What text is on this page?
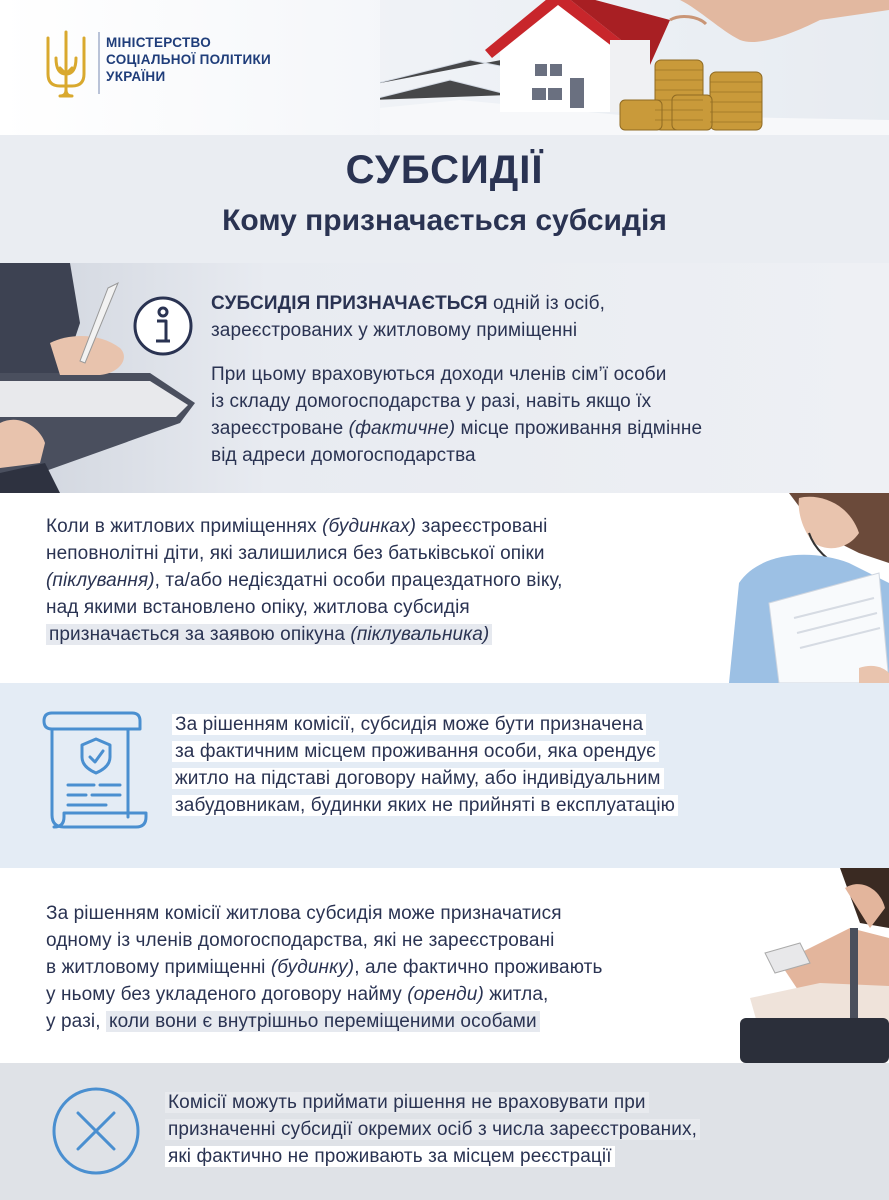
МІНІСТЕРСТВО
СОЦІАЛЬНОЇ ПОЛІТИКИ
УКРАЇНИ
СУБСИДІЇ
Кому призначається субсидія

СУБСИДІЯ ПРИЗНАЧАЄТЬСЯ одній із осіб,
зареєстрованих у житловому приміщенні

При цьому враховуються доходи членів сім’ї особи
із складу домогосподарства у разі, навіть якщо їх
зареєстроване (фактичне) місце проживання відмінне
від адреси домогосподарства

Коли в житлових приміщеннях (будинках) зареєстровані
неповнолітні діти, які залишилися без батьківської опіки
(піклування), та/або недієздатні особи працездатного віку,
над якими встановлено опіку, житлова субсидія
призначається за заявою опікуна (піклувальника)

За рішенням комісії, субсидія може бути призначена
за фактичним місцем проживання особи, яка орендує
житло на підставі договору найму, або індивідуальним
забудовникам, будинки яких не прийняті в експлуатацію

За рішенням комісії житлова субсидія може призначатися
одному із членів домогосподарства, які не зареєстровані
в житловому приміщенні (будинку), але фактично проживають
у ньому без укладеного договору найму (оренди) житла,
у разі, коли вони є внутрішньо переміщеними особами

Комісії можуть приймати рішення не враховувати при
призначенні субсидії окремих осіб з числа зареєстрованих,
які фактично не проживають за місцем реєстрації
